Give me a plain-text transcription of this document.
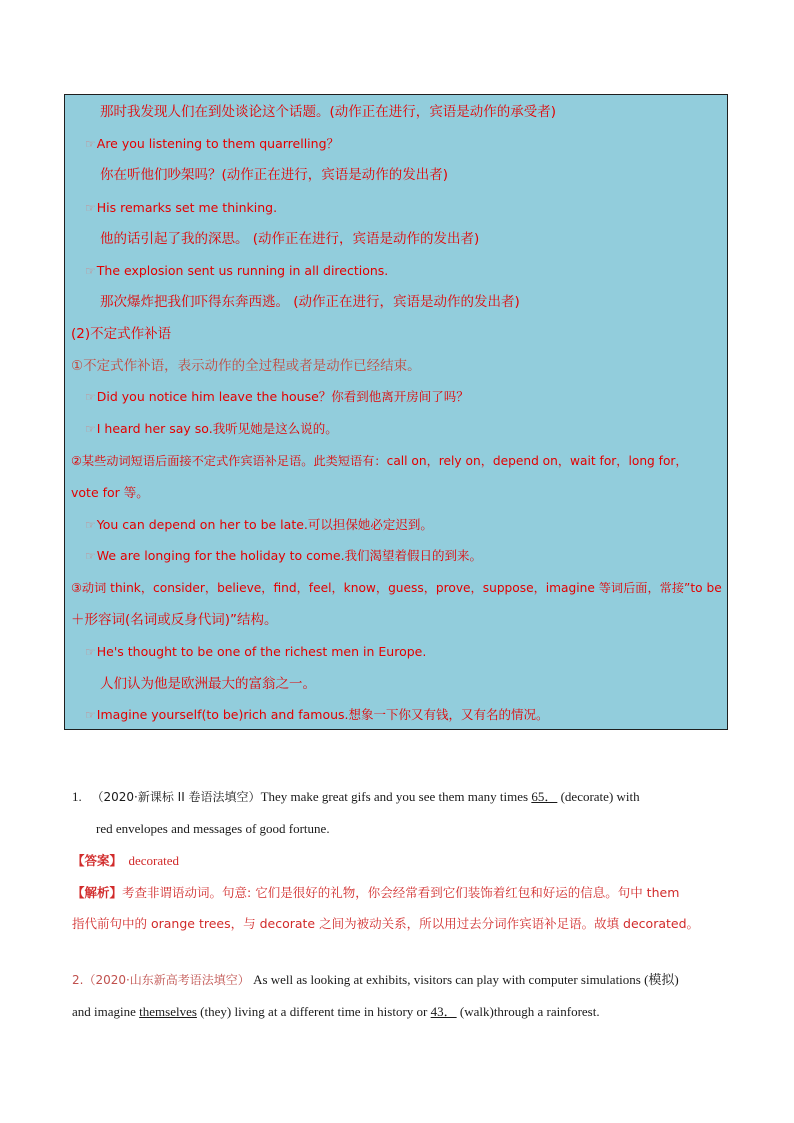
那时我发现人们在到处谈论这个话题。(动作正在进行，宾语是动作的承受者)
☞Are you listening to them quarrelling？
你在听他们吵架吗？(动作正在进行，宾语是动作的发出者)
☞His remarks set me thinking.
他的话引起了我的深思。 (动作正在进行，宾语是动作的发出者)
☞The explosion sent us running in all directions.
那次爆炸把我们吓得东奔西逃。 (动作正在进行，宾语是动作的发出者)
(2)不定式作补语
①不定式作补语，表示动作的全过程或者是动作已经结束。
☞Did you notice him leave the house？你看到他离开房间了吗？
☞I heard her say so.我听见她是这么说的。
②某些动词短语后面接不定式作宾语补足语。此类短语有：call on，rely on，depend on，wait for，long for，
vote for 等。
☞You can depend on her to be late.可以担保她必定迟到。
☞We are longing for the holiday to come.我们渴望着假日的到来。
③动词 think，consider，believe，find，feel，know，guess，prove，suppose，imagine 等词后面，常接”to be
＋形容词(名词或反身代词)”结构。
☞He's thought to be one of the richest men in Europe.
人们认为他是欧洲最大的富翁之一。
☞Imagine yourself(to be)rich and famous.想象一下你又有钱，又有名的情况。
1. （2020·新课标 II 卷语法填空）They make great gifs and you see them many times 65． (decorate) with
red envelopes and messages of good fortune.
【答案】 decorated
【解析】考查非谓语动词。句意: 它们是很好的礼物，你会经常看到它们装饰着红包和好运的信息。句中 them
指代前句中的 orange trees，与 decorate 之间为被动关系，所以用过去分词作宾语补足语。故填 decorated。
2.（2020·山东新高考语法填空） As well as looking at exhibits, visitors can play with computer simulations (模拟)
and imagine themselves (they) living at a different time in history or 43． (walk)through a rainforest.
